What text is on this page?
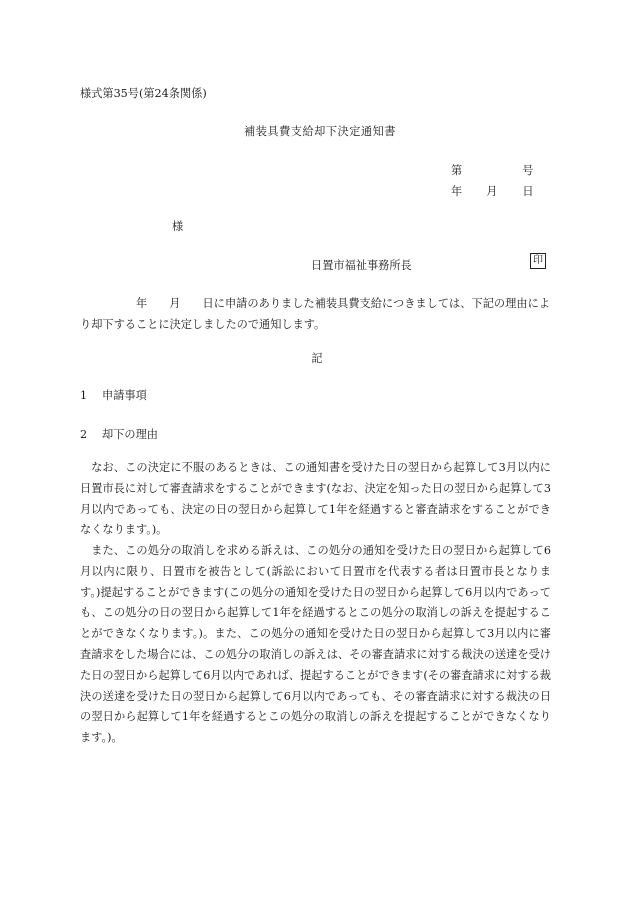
様式第35号(第24条関係)
補装具費支給却下決定通知書
第	号
年 月 日
様
日置市福祉事務所長	印
年 月 日に申請のありました補装具費支給につきましては、下記の理由により却下することに決定しましたので通知します。
記
1 申請事項
2 却下の理由
なお、この決定に不服のあるときは、この通知書を受けた日の翌日から起算して3月以内に日置市長に対して審査請求をすることができます(なお、決定を知った日の翌日から起算して3月以内であっても、決定の日の翌日から起算して1年を経過すると審査請求をすることができなくなります。)。
また、この処分の取消しを求める訴えは、この処分の通知を受けた日の翌日から起算して6月以内に限り、日置市を被告として(訴訟において日置市を代表する者は日置市長となります。)提起することができます(この処分の通知を受けた日の翌日から起算して6月以内であっても、この処分の日の翌日から起算して1年を経過するとこの処分の取消しの訴えを提起することができなくなります。)。また、この処分の通知を受けた日の翌日から起算して3月以内に審査請求をした場合には、この処分の取消しの訴えは、その審査請求に対する裁決の送達を受けた日の翌日から起算して6月以内であれば、提起することができます(その審査請求に対する裁決の送達を受けた日の翌日から起算して6月以内であっても、その審査請求に対する裁決の日の翌日から起算して1年を経過するとこの処分の取消しの訴えを提起することができなくなります。)。
